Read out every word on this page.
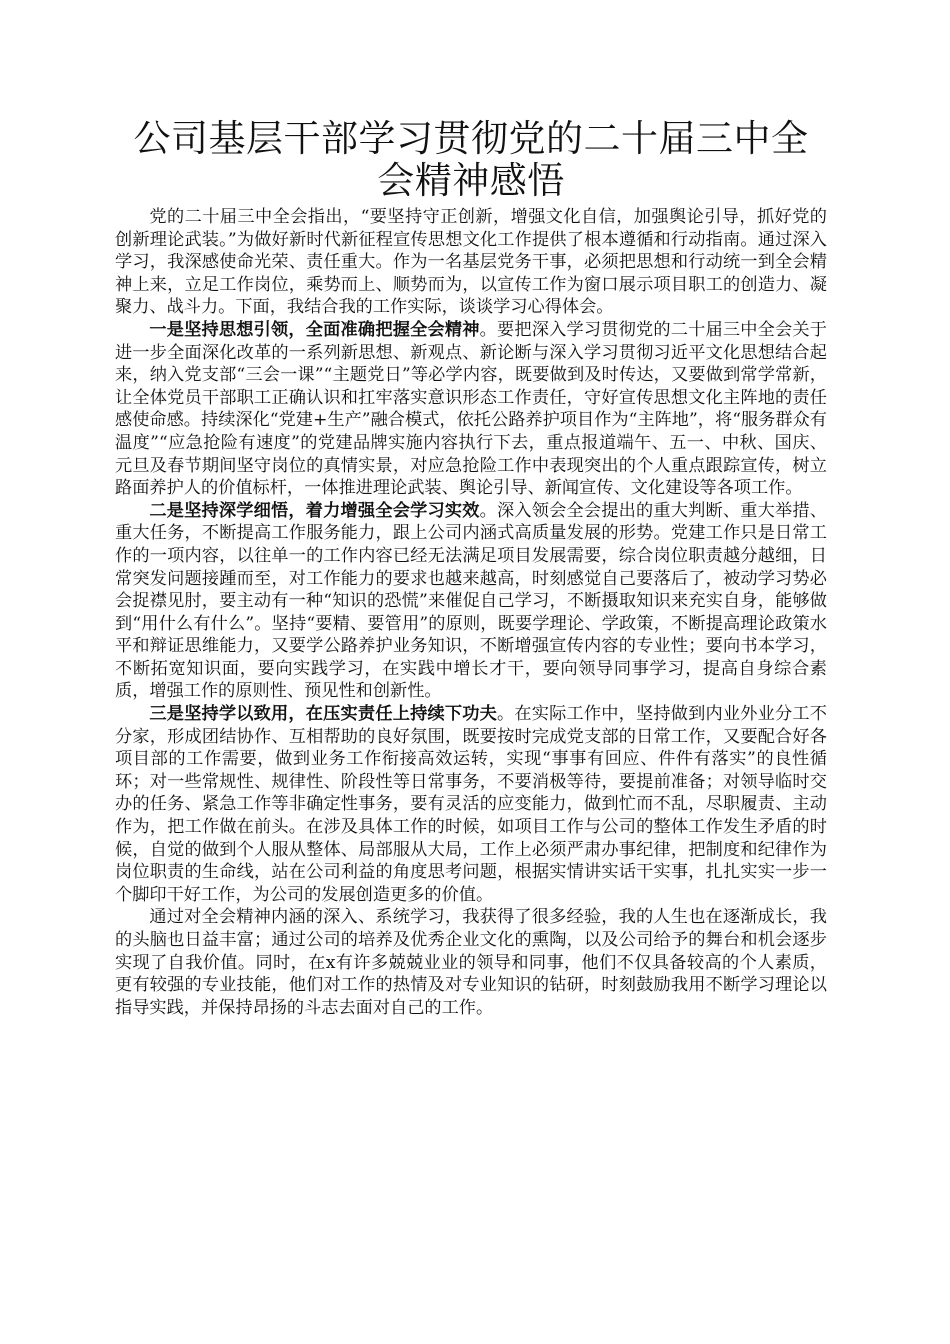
公司基层干部学习贯彻党的二十届三中全会精神感悟

党的二十届三中全会指出，“要坚持守正创新，增强文化自信，加强舆论引导，抓好党的创新理论武装。”为做好新时代新征程宣传思想文化工作提供了根本遵循和行动指南。通过深入学习，我深感使命光荣、责任重大。作为一名基层党务干事，必须把思想和行动统一到全会精神上来，立足工作岗位，乘势而上、顺势而为，以宣传工作为窗口展示项目职工的创造力、凝聚力、战斗力。下面，我结合我的工作实际，谈谈学习心得体会。

一是坚持思想引领，全面准确把握全会精神。要把深入学习贯彻党的二十届三中全会关于进一步全面深化改革的一系列新思想、新观点、新论断与深入学习贯彻习近平文化思想结合起来，纳入党支部“三会一课”“主题党日”等必学内容，既要做到及时传达，又要做到常学常新，让全体党员干部职工正确认识和扛牢落实意识形态工作责任，守好宣传思想文化主阵地的责任感使命感。持续深化“党建+生产”融合模式，依托公路养护项目作为“主阵地”，将“服务群众有温度”“应急抢险有速度”的党建品牌实施内容执行下去，重点报道端午、五一、中秋、国庆、元旦及春节期间坚守岗位的真情实景，对应急抢险工作中表现突出的个人重点跟踪宣传，树立路面养护人的价值标杆，一体推进理论武装、舆论引导、新闻宣传、文化建设等各项工作。

二是坚持深学细悟，着力增强全会学习实效。深入领会全会提出的重大判断、重大举措、重大任务，不断提高工作服务能力，跟上公司内涵式高质量发展的形势。党建工作只是日常工作的一项内容，以往单一的工作内容已经无法满足项目发展需要，综合岗位职责越分越细，日常突发问题接踵而至，对工作能力的要求也越来越高，时刻感觉自己要落后了，被动学习势必会捉襟见肘，要主动有一种“知识的恐慌”来催促自己学习，不断摄取知识来充实自身，能够做到“用什么有什么”。坚持“要精、要管用”的原则，既要学理论、学政策，不断提高理论政策水平和辩证思维能力，又要学公路养护业务知识，不断增强宣传内容的专业性；要向书本学习，不断拓宽知识面，要向实践学习，在实践中增长才干，要向领导同事学习，提高自身综合素质，增强工作的原则性、预见性和创新性。

三是坚持学以致用，在压实责任上持续下功夫。在实际工作中，坚持做到内业外业分工不分家，形成团结协作、互相帮助的良好氛围，既要按时完成党支部的日常工作，又要配合好各项目部的工作需要，做到业务工作衔接高效运转，实现“事事有回应、件件有落实”的良性循环；对一些常规性、规律性、阶段性等日常事务，不要消极等待，要提前准备；对领导临时交办的任务、紧急工作等非确定性事务，要有灵活的应变能力，做到忙而不乱，尽职履责、主动作为，把工作做在前头。在涉及具体工作的时候，如项目工作与公司的整体工作发生矛盾的时候，自觉的做到个人服从整体、局部服从大局，工作上必须严肃办事纪律，把制度和纪律作为岗位职责的生命线，站在公司利益的角度思考问题，根据实情讲实话干实事，扎扎实实一步一个脚印干好工作，为公司的发展创造更多的价值。

通过对全会精神内涵的深入、系统学习，我获得了很多经验，我的人生也在逐渐成长，我的头脑也日益丰富；通过公司的培养及优秀企业文化的熏陶，以及公司给予的舞台和机会逐步实现了自我价值。同时，在x有许多兢兢业业的领导和同事，他们不仅具备较高的个人素质，更有较强的专业技能，他们对工作的热情及对专业知识的钻研，时刻鼓励我用不断学习理论以指导实践，并保持昂扬的斗志去面对自己的工作。
